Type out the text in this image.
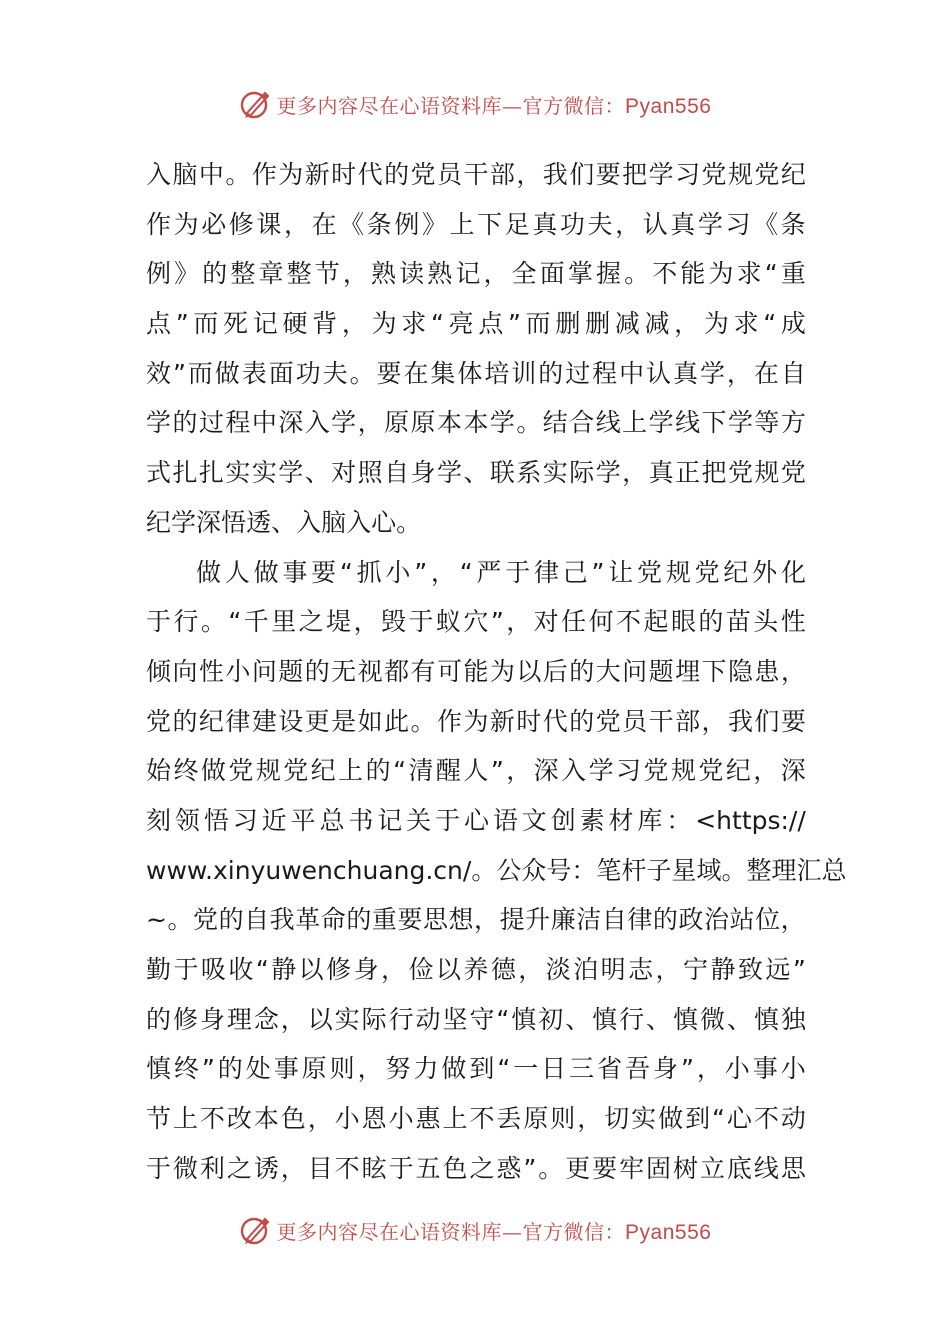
更多内容尽在心语资料库—官方微信：Pyan556
入 脑 中 。 作 为 新 时 代 的 党 员 干 部 ， 我 们 要 把 学 习 党 规 党 纪
作 为 必 修 课 ， 在 《 条 例 》 上 下 足 真 功 夫 ， 认 真 学 习 《 条
例 》 的 整 章 整 节 ， 熟 读 熟 记 ， 全 面 掌 握 。 不 能 为 求 “ 重
点 ” 而 死 记 硬 背 ， 为 求 “ 亮 点 ” 而 删 删 减 减 ， 为 求 “ 成
效 ” 而 做 表 面 功 夫 。 要 在 集 体 培 训 的 过 程 中 认 真 学 ， 在 自
学 的 过 程 中 深 入 学 ， 原 原 本 本 学 。 结 合 线 上 学 线 下 学 等 方
式 扎 扎 实 实 学 、 对 照 自 身 学 、 联 系 实 际 学 ， 真 正 把 党 规 党
纪 学 深 悟 透 、 入 脑 入 心 。
做 人 做 事 要 “ 抓 小 ” ， “ 严 于 律 己 ” 让 党 规 党 纪 外 化
于 行 。 “ 千 里 之 堤 ， 毁 于 蚁 穴 ” ， 对 任 何 不 起 眼 的 苗 头 性
倾 向 性 小 问 题 的 无 视 都 有 可 能 为 以 后 的 大 问 题 埋 下 隐 患 ，
党 的 纪 律 建 设 更 是 如 此 。 作 为 新 时 代 的 党 员 干 部 ， 我 们 要
始 终 做 党 规 党 纪 上 的 “ 清 醒 人 ” ， 深 入 学 习 党 规 党 纪 ， 深
刻 领 悟 习 近 平 总 书 记 关 于 心 语 文 创 素 材 库 ： <https://
www.xinyuwenchuang.cn/ 。 公 众 号 ： 笔 杆 子 星 域 。 整 理 汇 总
~ 。 党 的 自 我 革 命 的 重 要 思 想 ， 提 升 廉 洁 自 律 的 政 治 站 位 ，
勤 于 吸 收 “ 静 以 修 身 ， 俭 以 养 德 ， 淡 泊 明 志 ， 宁 静 致 远 ”
的 修 身 理 念 ， 以 实 际 行 动 坚 守 “ 慎 初 、 慎 行 、 慎 微 、 慎 独
慎 终 ” 的 处 事 原 则 ， 努 力 做 到 “ 一 日 三 省 吾 身 ” ， 小 事 小
节 上 不 改 本 色 ， 小 恩 小 惠 上 不 丢 原 则 ， 切 实 做 到 “ 心 不 动
于 微 利 之 诱 ， 目 不 眩 于 五 色 之 惑 ” 。 更 要 牢 固 树 立 底 线 思
更多内容尽在心语资料库—官方微信：Pyan556
